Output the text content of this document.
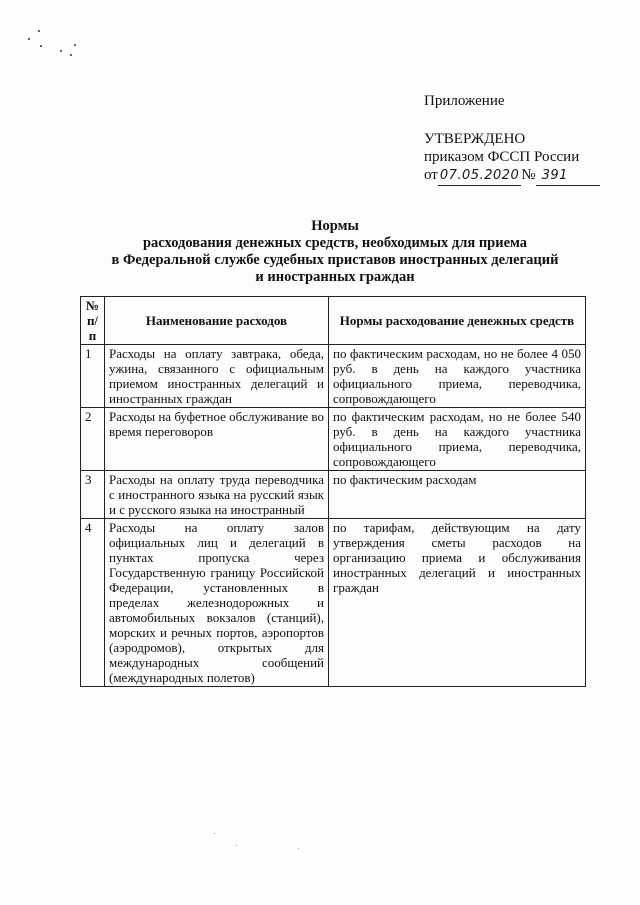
Приложение
УТВЕРЖДЕНО
приказом ФССП России
от 07.05.2020 № 391
Нормы
расходования денежных средств, необходимых для приема
в Федеральной службе судебных приставов иностранных делегаций
и иностранных граждан
№ п/п	Наименование расходов	Нормы расходование денежных средств
1	Расходы на оплату завтрака, обеда, ужина, связанного с официальным приемом иностранных делегаций и иностранных граждан	по фактическим расходам, но не более 4 050 руб. в день на каждого участника официального приема, переводчика, сопровождающего
2	Расходы на буфетное обслуживание во время переговоров	по фактическим расходам, но не более 540 руб. в день на каждого участника официального приема, переводчика, сопровождающего
3	Расходы на оплату труда переводчика с иностранного языка на русский язык и с русского языка на иностранный	по фактическим расходам
4	Расходы на оплату залов официальных лиц и делегаций в пунктах пропуска через Государственную границу Российской Федерации, установленных в пределах железнодорожных и автомобильных вокзалов (станций), морских и речных портов, аэропортов (аэродромов), открытых для международных сообщений (международных полетов)	по тарифам, действующим на дату утверждения сметы расходов на организацию приема и обслуживания иностранных делегаций и иностранных граждан
